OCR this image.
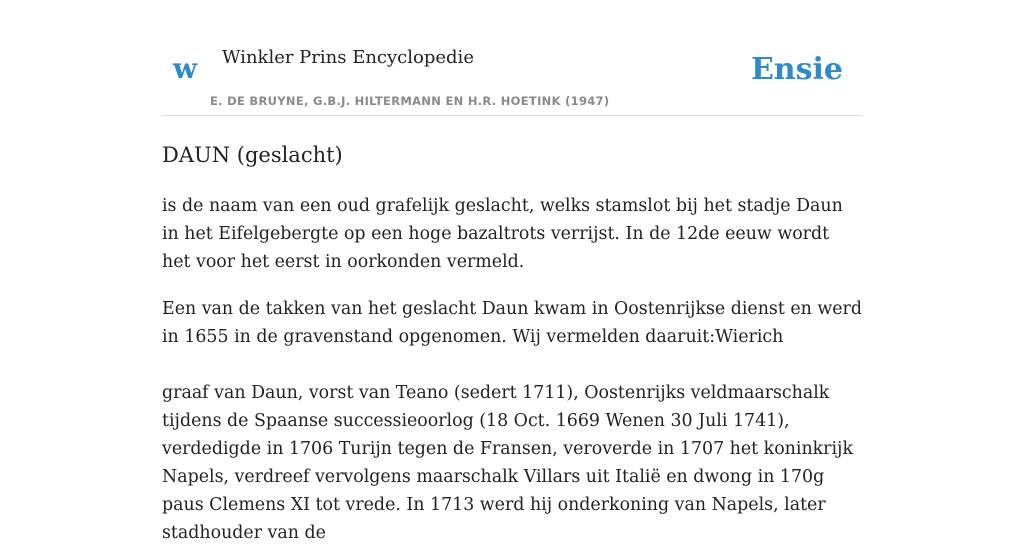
w Winkler Prins Encyclopedie
E. DE BRUYNE, G.B.J. HILTERMANN EN H.R. HOETINK (1947)
Ensie
DAUN (geslacht)

is de naam van een oud grafelijk geslacht, welks stamslot bij het stadje Daun in het Eifelgebergte op een hoge bazaltrots verrijst. In de 12de eeuw wordt het voor het eerst in oorkonden vermeld.

Een van de takken van het geslacht Daun kwam in Oostenrijkse dienst en werd in 1655 in de gravenstand opgenomen. Wij vermelden daaruit:Wierich

graaf van Daun, vorst van Teano (sedert 1711), Oostenrijks veldmaarschalk tijdens de Spaanse successieoorlog (18 Oct. 1669 Wenen 30 Juli 1741), verdedigde in 1706 Turijn tegen de Fransen, veroverde in 1707 het koninkrijk Napels, verdreef vervolgens maarschalk Villars uit Italië en dwong in 170g paus Clemens XI tot vrede. In 1713 werd hij onderkoning van Napels, later stadhouder van de
